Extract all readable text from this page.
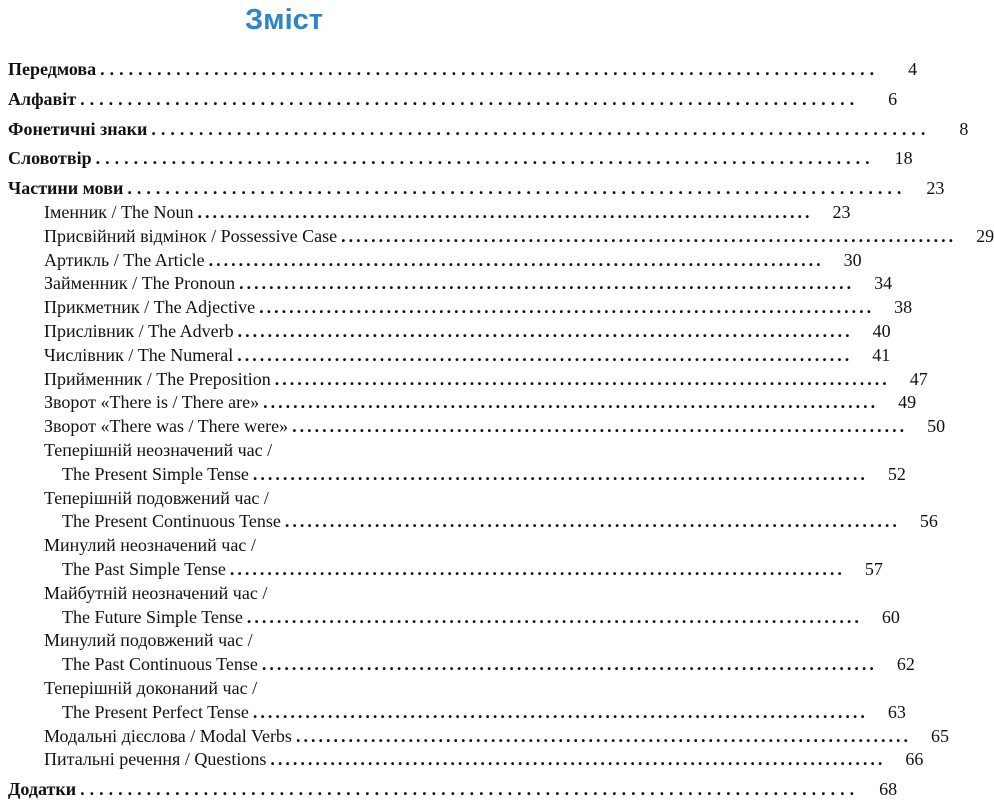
Зміст
Передмова ..................................................................................	4
Алфавіт ..................................................................................	6
Фонетичні знаки ..................................................................................	8
Словотвір ..................................................................................	18
Частини мови ..................................................................................	23
Іменник / The Noun ..................................................................................	23
Присвійний відмінок / Possessive Case ..................................................................................	29
Артикль / The Article ..................................................................................	30
Займенник / The Pronoun ..................................................................................	34
Прикметник / The Adjective ..................................................................................	38
Прислівник / The Adverb ..................................................................................	40
Числівник / The Numeral ..................................................................................	41
Прийменник / The Preposition ..................................................................................	47
Зворот «There is / There are» ..................................................................................	49
Зворот «There was / There were» ..................................................................................	50
Теперішній неозначений час /
The Present Simple Tense ..................................................................................	52
Теперішній подовжений час /
The Present Continuous Tense ..................................................................................	56
Минулий неозначений час /
The Past Simple Tense ..................................................................................	57
Майбутній неозначений час /
The Future Simple Tense ..................................................................................	60
Минулий подовжений час /
The Past Continuous Tense ..................................................................................	62
Теперішній доконаний час /
The Present Perfect Tense ..................................................................................	63
Модальні дієслова / Modal Verbs ..................................................................................	65
Питальні речення / Questions ..................................................................................	66
Додатки ..................................................................................	68
